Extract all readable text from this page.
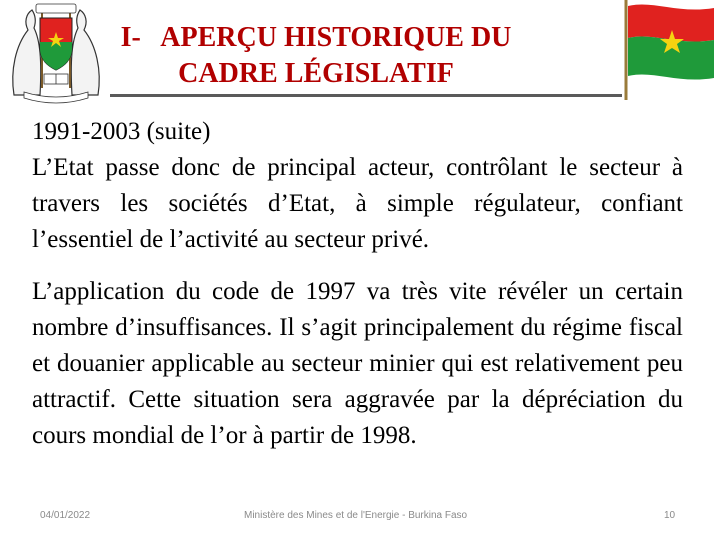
I-   APERÇU HISTORIQUE DU
CADRE LÉGISLATIF

1991-2003 (suite)
L’Etat passe donc de principal acteur, contrôlant le secteur à travers les sociétés d’Etat, à simple régulateur, confiant l’essentiel de l’activité au secteur privé.

L’application du code de 1997 va très vite révéler un certain nombre d’insuffisances. Il s’agit principalement du régime fiscal et douanier applicable au secteur minier qui est relativement peu attractif. Cette situation sera aggravée par la dépréciation du cours mondial de l’or à partir de 1998.

04/01/2022	Ministère des Mines et de l'Energie - Burkina Faso	10
